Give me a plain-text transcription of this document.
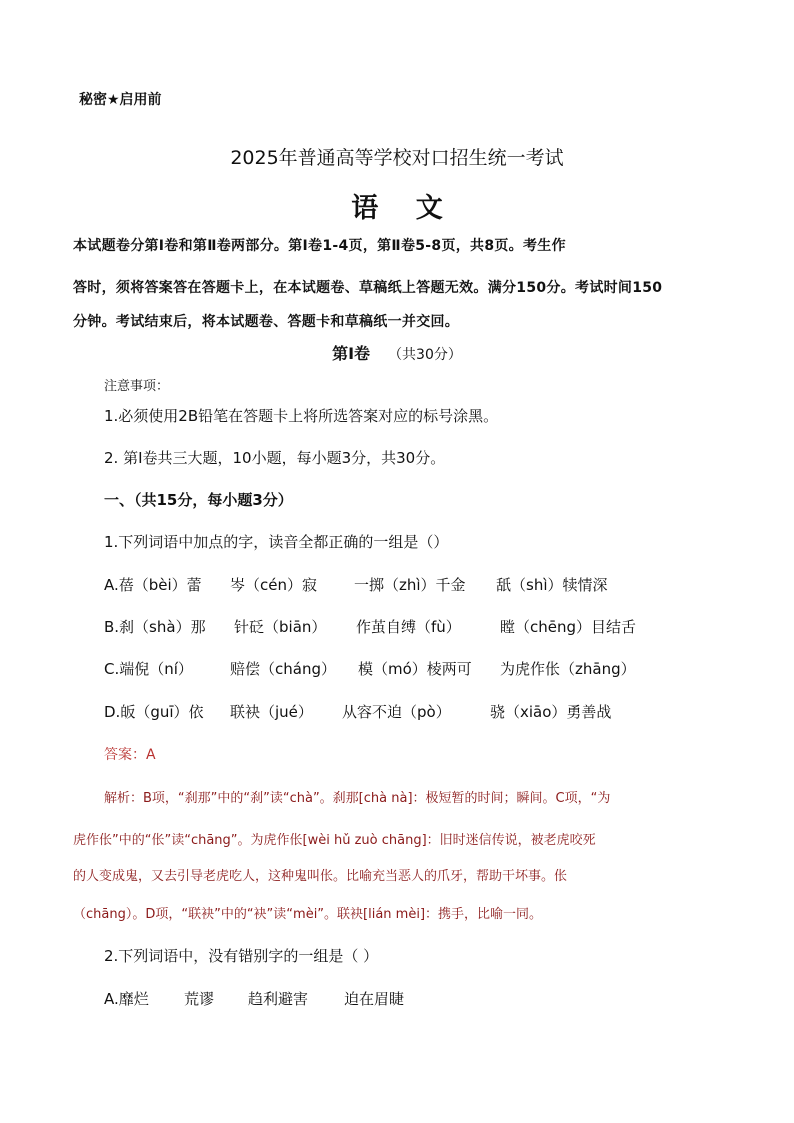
秘密★启用前
2025年普通高等学校对口招生统一考试
语 文
本试题卷分第Ⅰ卷和第Ⅱ卷两部分。第Ⅰ卷1-4页，第Ⅱ卷5-8页，共8页。考生作
答时，须将答案答在答题卡上，在本试题卷、草稿纸上答题无效。满分150分。考试时间150
分钟。考试结束后，将本试题卷、答题卡和草稿纸一并交回。
第Ⅰ卷 （共30分）
注意事项：
1.必须使用2B铅笔在答题卡上将所选答案对应的标号涂黑。
2. 第Ⅰ卷共三大题，10小题，每小题3分，共30分。
一、（共15分，每小题3分）
1.下列词语中加点的字，读音全都正确的一组是（）
A.蓓（bèi）蕾 岑（cén）寂 一掷（zhì）千金 舐（shì）犊情深
B.刹（shà）那 针砭（biān） 作茧自缚（fù）	瞠（chēng）目结舌
C.端倪（ní） 赔偿（cháng） 模（mó）棱两可 为虎作伥（zhāng）
D.皈（guī）依 联袂（jué） 从容不迫（pò）	骁（xiāo）勇善战
答案：A
解析：B项，“刹那”中的“刹”读“chà”。刹那[chà nà]：极短暂的时间；瞬间。C项，“为
虎作伥”中的“伥”读“chāng”。为虎作伥[wèi hǔ zuò chāng]：旧时迷信传说，被老虎咬死
的人变成鬼，又去引导老虎吃人，这种鬼叫伥。比喻充当恶人的爪牙，帮助干坏事。伥
（chāng）。D项，“联袂”中的“袂”读“mèi”。联袂[lián mèi]：携手，比喻一同。
2.下列词语中，没有错别字的一组是（ ）
A.靡烂 荒谬 趋利避害 迫在眉睫
